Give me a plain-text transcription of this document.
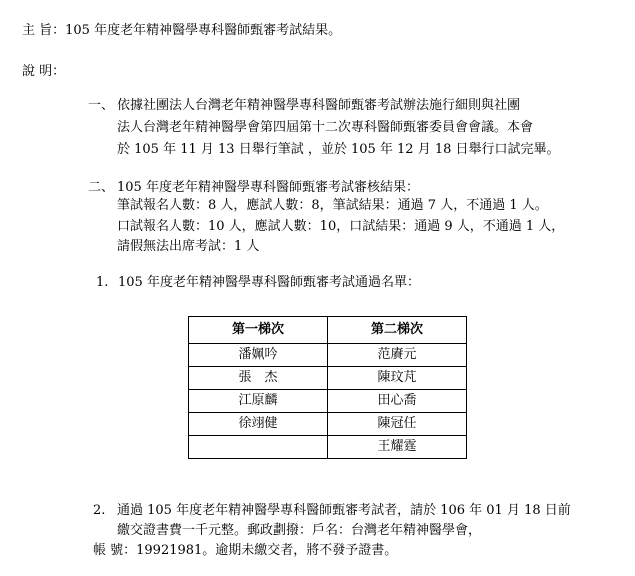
主 旨：105 年度老年精神醫學專科醫師甄審考試結果。
說 明：
一、 依據社團法人台灣老年精神醫學專科醫師甄審考試辦法施行細則與社團
法人台灣老年精神醫學會第四屆第十二次專科醫師甄審委員會會議。本會
於 105 年 11 月 13 日舉行筆試 ，並於 105 年 12 月 18 日舉行口試完畢。
二、 105 年度老年精神醫學專科醫師甄審考試審核結果：
筆試報名人數：8 人，應試人數：8，筆試結果：通過 7 人，不通過 1 人。
口試報名人數：10 人，應試人數：10，口試結果：通過 9 人，不通過 1 人，
請假無法出席考試：1 人
1. 105 年度老年精神醫學專科醫師甄審考試通過名單：
第一梯次	第二梯次
潘姵吟	范賡元
張　杰	陳玟芃
江原麟	田心喬
徐翊健	陳冠任
	王耀霆
2. 通過 105 年度老年精神醫學專科醫師甄審考試者，請於 106 年 01 月 18 日前
繳交證書費一千元整。郵政劃撥：戶名：台灣老年精神醫學會，
帳 號：19921981。逾期未繳交者，將不發予證書。
